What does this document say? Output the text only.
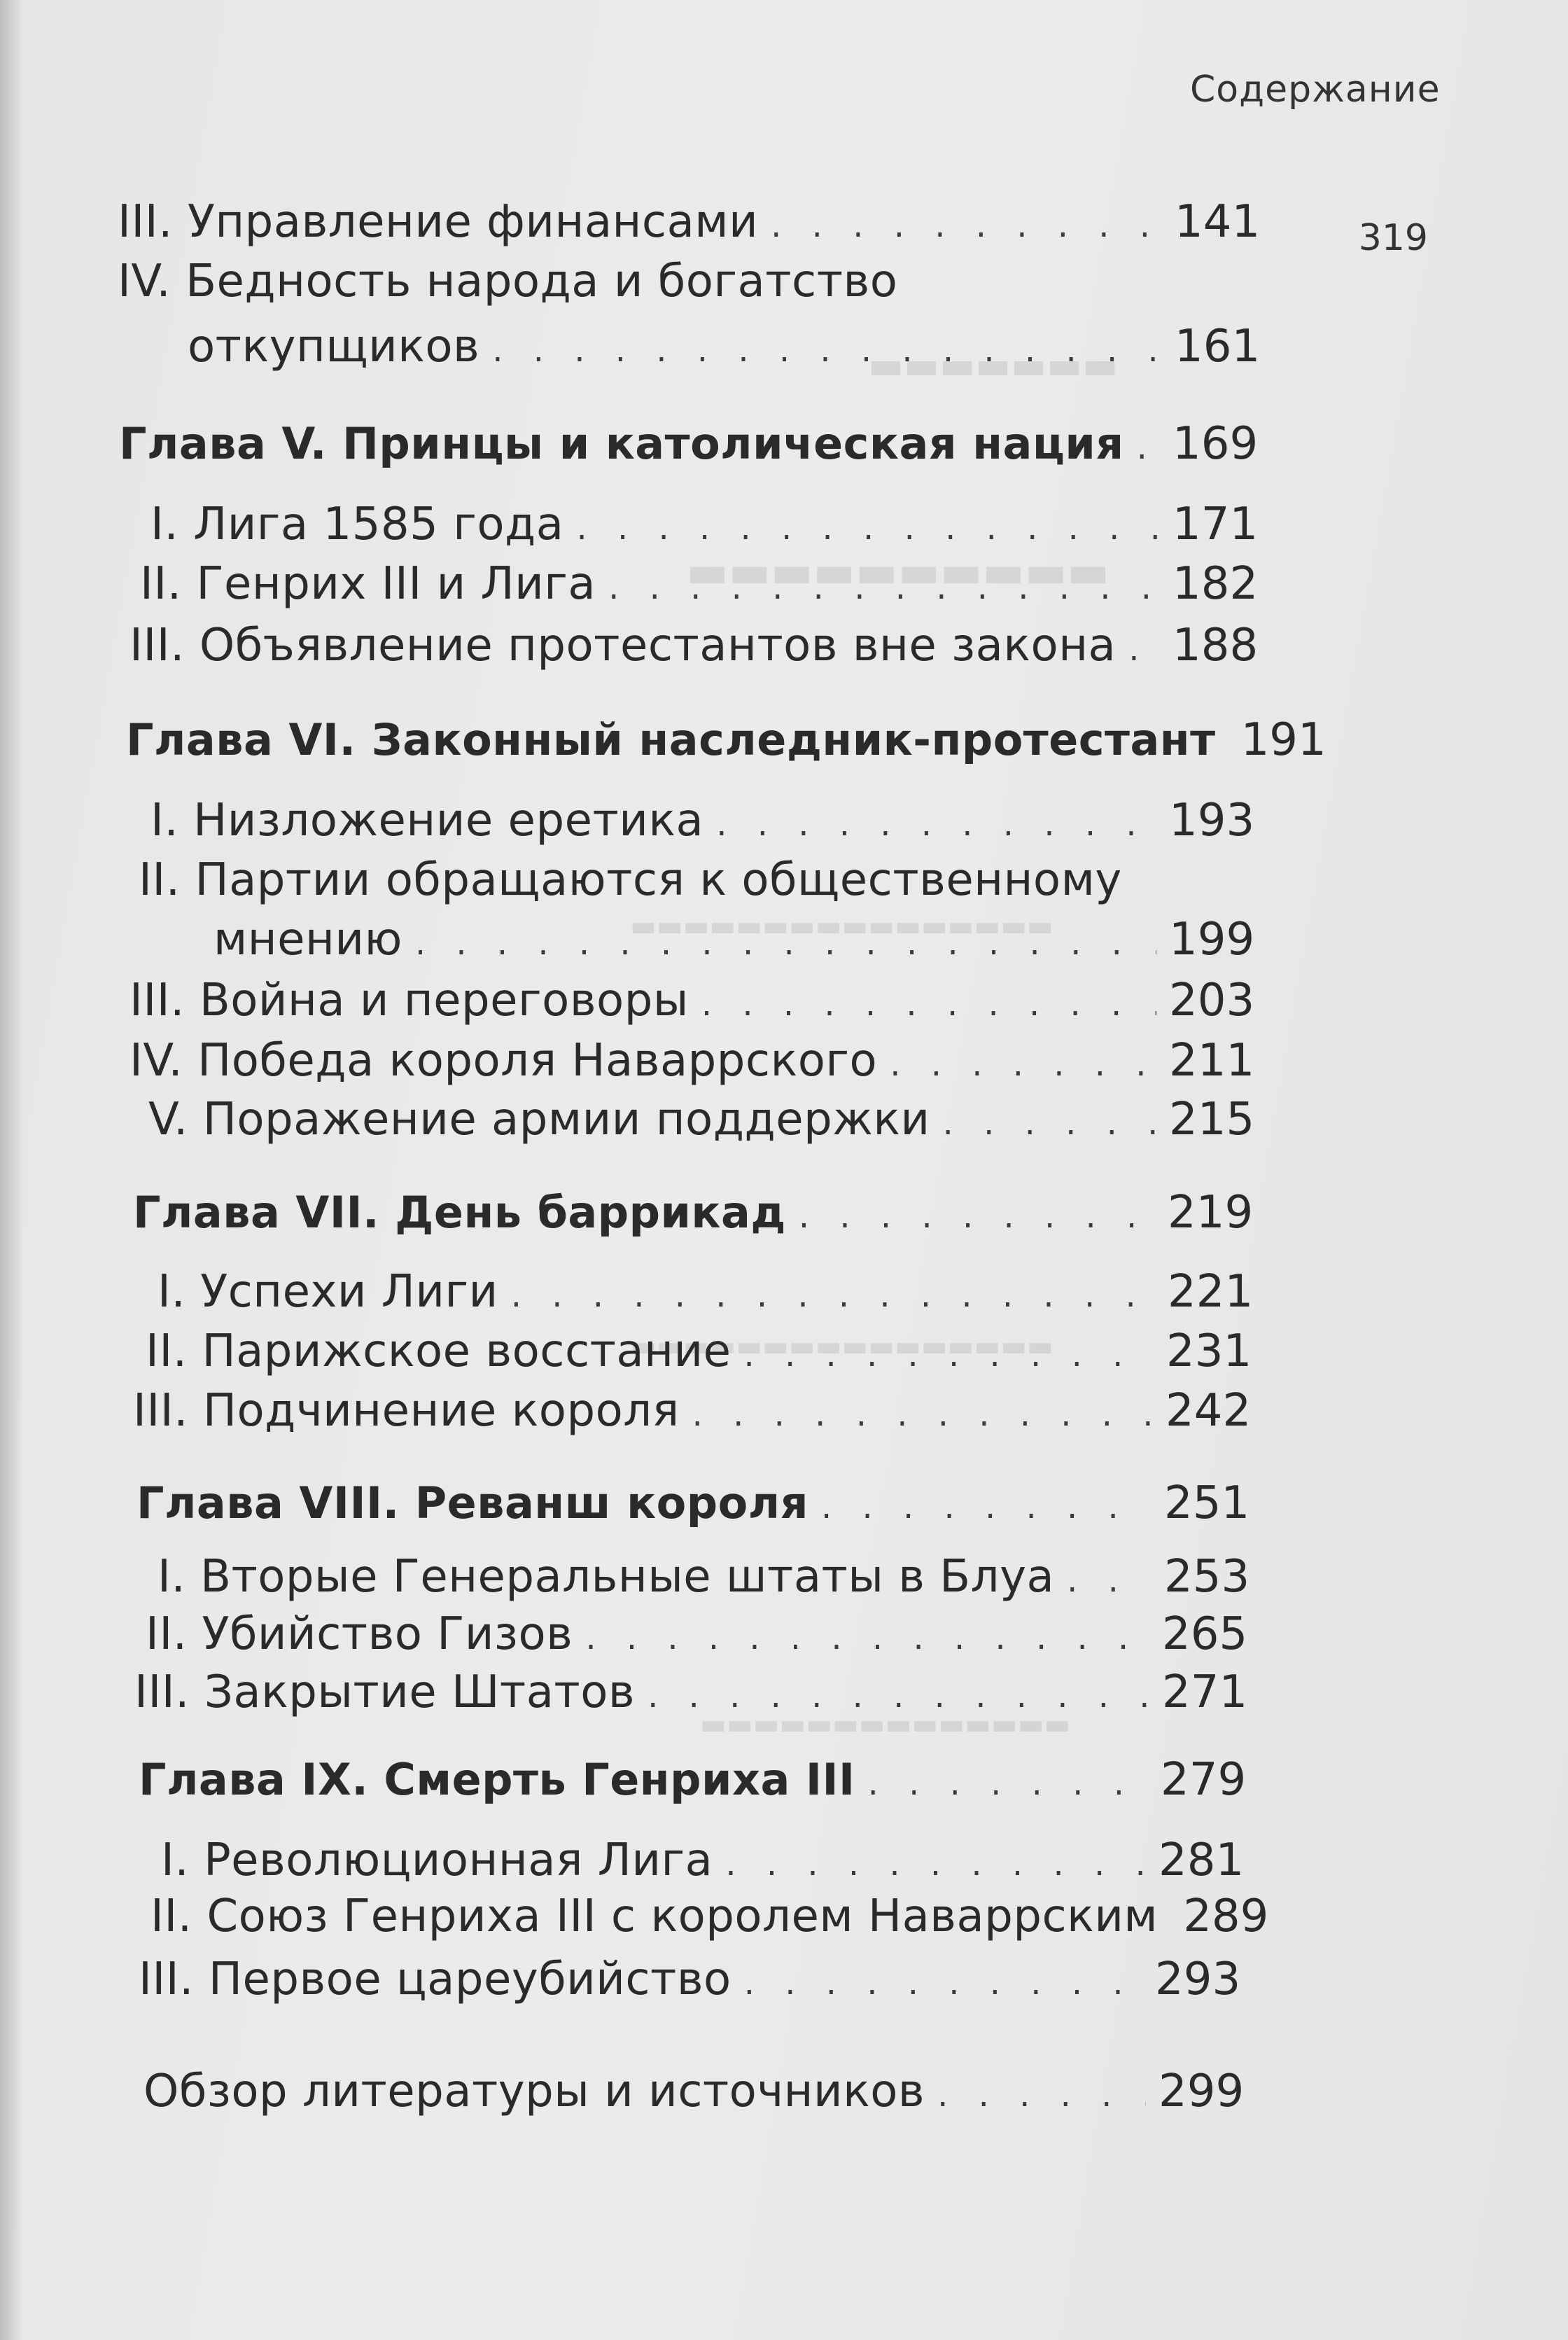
▬▬▬▬▬▬▬
▬▬▬▬▬▬▬▬▬▬
▬▬▬▬▬▬▬▬▬▬▬▬▬▬▬▬
▬▬▬▬▬▬▬▬▬▬▬▬▬▬▬▬
▬▬▬▬▬▬▬▬▬▬▬▬▬▬
Содержание
319
III. Управление финансами . . .	141
IV. Бедность народа и богатство
откупщиков . . .	161
Глава V. Принцы и католическая нация . . . 169
I. Лига 1585 года . . .	171
II. Генрих III и Лига . . .	182
III. Объявление протестантов вне закона . . . 188
Глава VI. Законный наследник-протестант 191
I. Низложение еретика . . .	193
II. Партии обращаются к общественному
мнению . . .	199
III. Война и переговоры . . .	203
IV. Победа короля Наваррского . . .	211
V. Поражение армии поддержки . . .	215
Глава VII. День баррикад . . .	219
I. Успехи Лиги . . .	221
II. Парижское восстание . . .	231
III. Подчинение короля . . .	242
Глава VIII. Реванш короля . . .	251
I. Вторые Генеральные штаты в Блуа . . . 253
II. Убийство Гизов . . .	265
III. Закрытие Штатов . . .	271
Глава IX. Смерть Генриха III . . .	279
I. Революционная Лига . . .	281
II. Союз Генриха III с королем Наваррским 289
III. Первое цареубийство . . .	293
Обзор литературы и источников . . .	299
